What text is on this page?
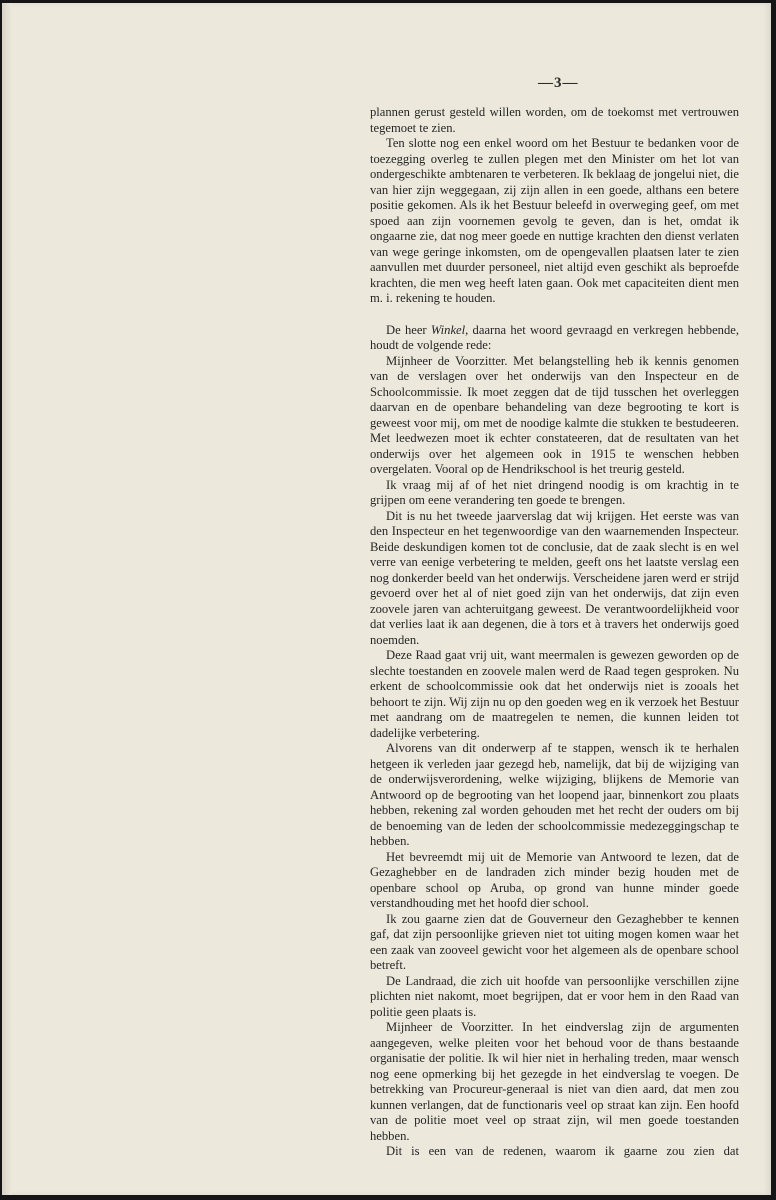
—3—

plannen gerust gesteld willen worden, om de toekomst met vertrouwen tegemoet te zien.

Ten slotte nog een enkel woord om het Bestuur te bedanken voor de toezegging overleg te zullen plegen met den Minister om het lot van ondergeschikte ambtenaren te verbeteren. Ik beklaag de jongelui niet, die van hier zijn weggegaan, zij zijn allen in een goede, althans een betere positie gekomen. Als ik het Bestuur beleefd in overweging geef, om met spoed aan zijn voornemen gevolg te geven, dan is het, omdat ik ongaarne zie, dat nog meer goede en nuttige krachten den dienst verlaten van wege geringe inkomsten, om de opengevallen plaatsen later te zien aanvullen met duurder personeel, niet altijd even geschikt als beproefde krachten, die men weg heeft laten gaan. Ook met capaciteiten dient men m. i. rekening te houden.

De heer Winkel, daarna het woord gevraagd en verkregen hebbende, houdt de volgende rede:

Mijnheer de Voorzitter. Met belangstelling heb ik kennis genomen van de verslagen over het onderwijs van den Inspecteur en de Schoolcommissie. Ik moet zeggen dat de tijd tusschen het overleggen daarvan en de openbare behandeling van deze begrooting te kort is geweest voor mij, om met de noodige kalmte die stukken te bestudeeren. Met leedwezen moet ik echter constateeren, dat de resultaten van het onderwijs over het algemeen ook in 1915 te wenschen hebben overgelaten. Vooral op de Hendrikschool is het treurig gesteld.

Ik vraag mij af of het niet dringend noodig is om krachtig in te grijpen om eene verandering ten goede te brengen.

Dit is nu het tweede jaarverslag dat wij krijgen. Het eerste was van den Inspecteur en het tegenwoordige van den waarnemenden Inspecteur. Beide deskundigen komen tot de conclusie, dat de zaak slecht is en wel verre van eenige verbetering te melden, geeft ons het laatste verslag een nog donkerder beeld van het onderwijs. Verscheidene jaren werd er strijd gevoerd over het al of niet goed zijn van het onderwijs, dat zijn even zoovele jaren van achteruitgang geweest. De verantwoordelijkheid voor dat verlies laat ik aan degenen, die à tors et à travers het onderwijs goed noemden.

Deze Raad gaat vrij uit, want meermalen is gewezen geworden op de slechte toestanden en zoovele malen werd de Raad tegen gesproken. Nu erkent de schoolcommissie ook dat het onderwijs niet is zooals het behoort te zijn. Wij zijn nu op den goeden weg en ik verzoek het Bestuur met aandrang om de maatregelen te nemen, die kunnen leiden tot dadelijke verbetering.

Alvorens van dit onderwerp af te stappen, wensch ik te herhalen hetgeen ik verleden jaar gezegd heb, namelijk, dat bij de wijziging van de onderwijsverordening, welke wijziging, blijkens de Memorie van Antwoord op de begrooting van het loopend jaar, binnenkort zou plaats hebben, rekening zal worden gehouden met het recht der ouders om bij de benoeming van de leden der schoolcommissie medezeggingschap te hebben.

Het bevreemdt mij uit de Memorie van Antwoord te lezen, dat de Gezaghebber en de landraden zich minder bezig houden met de openbare school op Aruba, op grond van hunne minder goede verstandhouding met het hoofd dier school.

Ik zou gaarne zien dat de Gouverneur den Gezaghebber te kennen gaf, dat zijn persoonlijke grieven niet tot uiting mogen komen waar het een zaak van zooveel gewicht voor het algemeen als de openbare school betreft.

De Landraad, die zich uit hoofde van persoonlijke verschillen zijne plichten niet nakomt, moet begrijpen, dat er voor hem in den Raad van politie geen plaats is.

Mijnheer de Voorzitter. In het eindverslag zijn de argumenten aangegeven, welke pleiten voor het behoud voor de thans bestaande organisatie der politie. Ik wil hier niet in herhaling treden, maar wensch nog eene opmerking bij het gezegde in het eindverslag te voegen. De betrekking van Procureur-generaal is niet van dien aard, dat men zou kunnen verlangen, dat de functionaris veel op straat kan zijn. Een hoofd van de politie moet veel op straat zijn, wil men goede toestanden hebben.

Dit is een van de redenen, waarom ik gaarne zou zien dat
